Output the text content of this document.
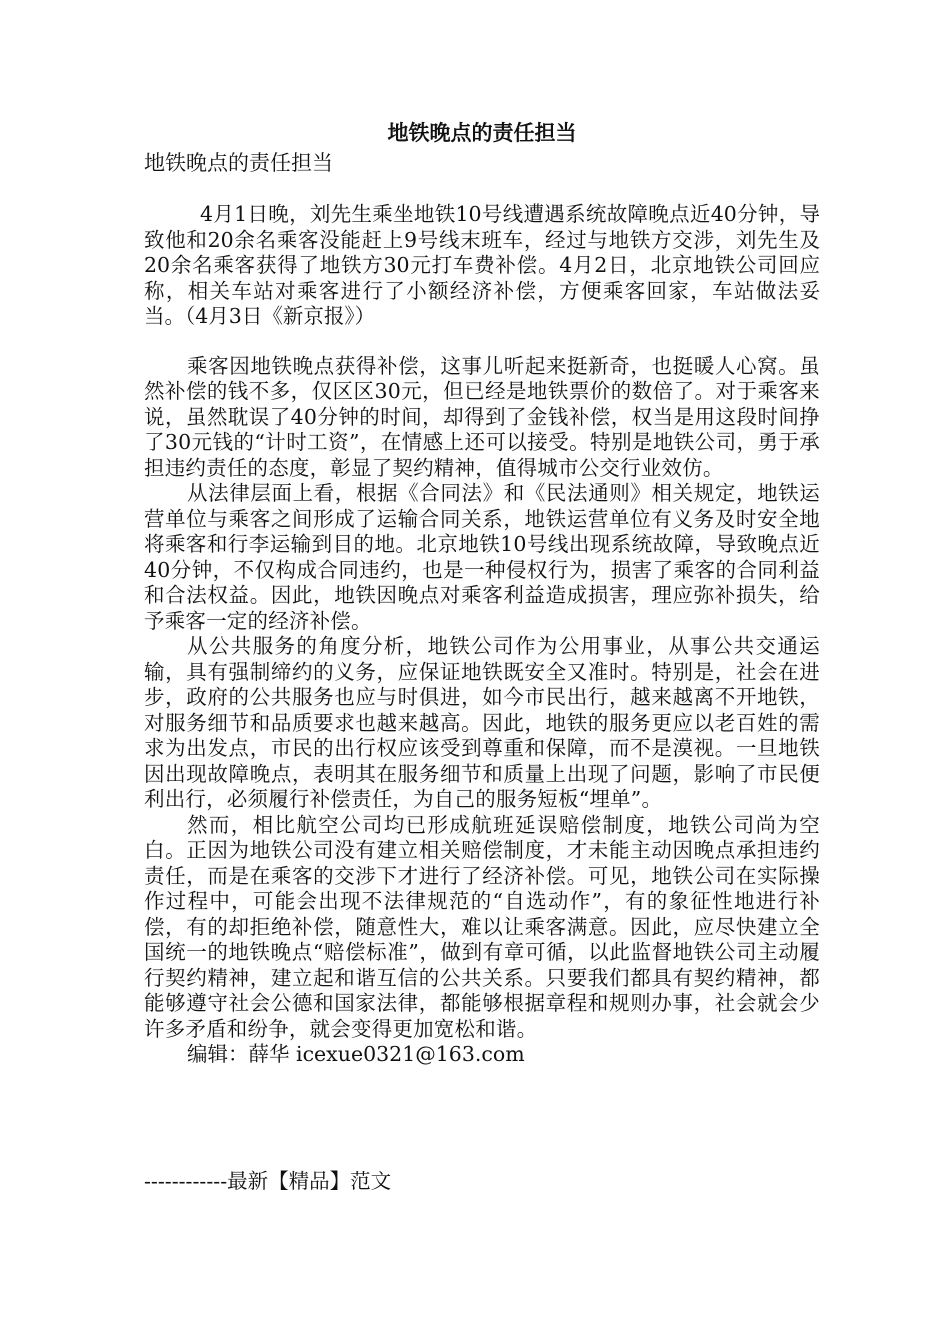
地铁晚点的责任担当

地铁晚点的责任担当

4月1日晚，刘先生乘坐地铁10号线遭遇系统故障晚点近40分钟，导致他和20余名乘客没能赶上9号线末班车，经过与地铁方交涉，刘先生及20余名乘客获得了地铁方30元打车费补偿。4月2日，北京地铁公司回应称，相关车站对乘客进行了小额经济补偿，方便乘客回家，车站做法妥当。（4月3日《新京报》）

乘客因地铁晚点获得补偿，这事儿听起来挺新奇，也挺暖人心窝。虽然补偿的钱不多，仅区区30元，但已经是地铁票价的数倍了。对于乘客来说，虽然耽误了40分钟的时间，却得到了金钱补偿，权当是用这段时间挣了30元钱的“计时工资”，在情感上还可以接受。特别是地铁公司，勇于承担违约责任的态度，彰显了契约精神，值得城市公交行业效仿。

从法律层面上看，根据《合同法》和《民法通则》相关规定，地铁运营单位与乘客之间形成了运输合同关系，地铁运营单位有义务及时安全地将乘客和行李运输到目的地。北京地铁10号线出现系统故障，导致晚点近40分钟，不仅构成合同违约，也是一种侵权行为，损害了乘客的合同利益和合法权益。因此，地铁因晚点对乘客利益造成损害，理应弥补损失，给予乘客一定的经济补偿。

从公共服务的角度分析，地铁公司作为公用事业，从事公共交通运输，具有强制缔约的义务，应保证地铁既安全又准时。特别是，社会在进步，政府的公共服务也应与时俱进，如今市民出行，越来越离不开地铁，对服务细节和品质要求也越来越高。因此，地铁的服务更应以老百姓的需求为出发点，市民的出行权应该受到尊重和保障，而不是漠视。一旦地铁因出现故障晚点，表明其在服务细节和质量上出现了问题，影响了市民便利出行，必须履行补偿责任，为自己的服务短板“埋单”。

然而，相比航空公司均已形成航班延误赔偿制度，地铁公司尚为空白。正因为地铁公司没有建立相关赔偿制度，才未能主动因晚点承担违约责任，而是在乘客的交涉下才进行了经济补偿。可见，地铁公司在实际操作过程中，可能会出现不法律规范的“自选动作”，有的象征性地进行补偿，有的却拒绝补偿，随意性大，难以让乘客满意。因此，应尽快建立全国统一的地铁晚点“赔偿标准”，做到有章可循，以此监督地铁公司主动履行契约精神，建立起和谐互信的公共关系。只要我们都具有契约精神，都能够遵守社会公德和国家法律，都能够根据章程和规则办事，社会就会少许多矛盾和纷争，就会变得更加宽松和谐。

编辑：薛华 icexue0321@163.com

------------最新【精品】范文
